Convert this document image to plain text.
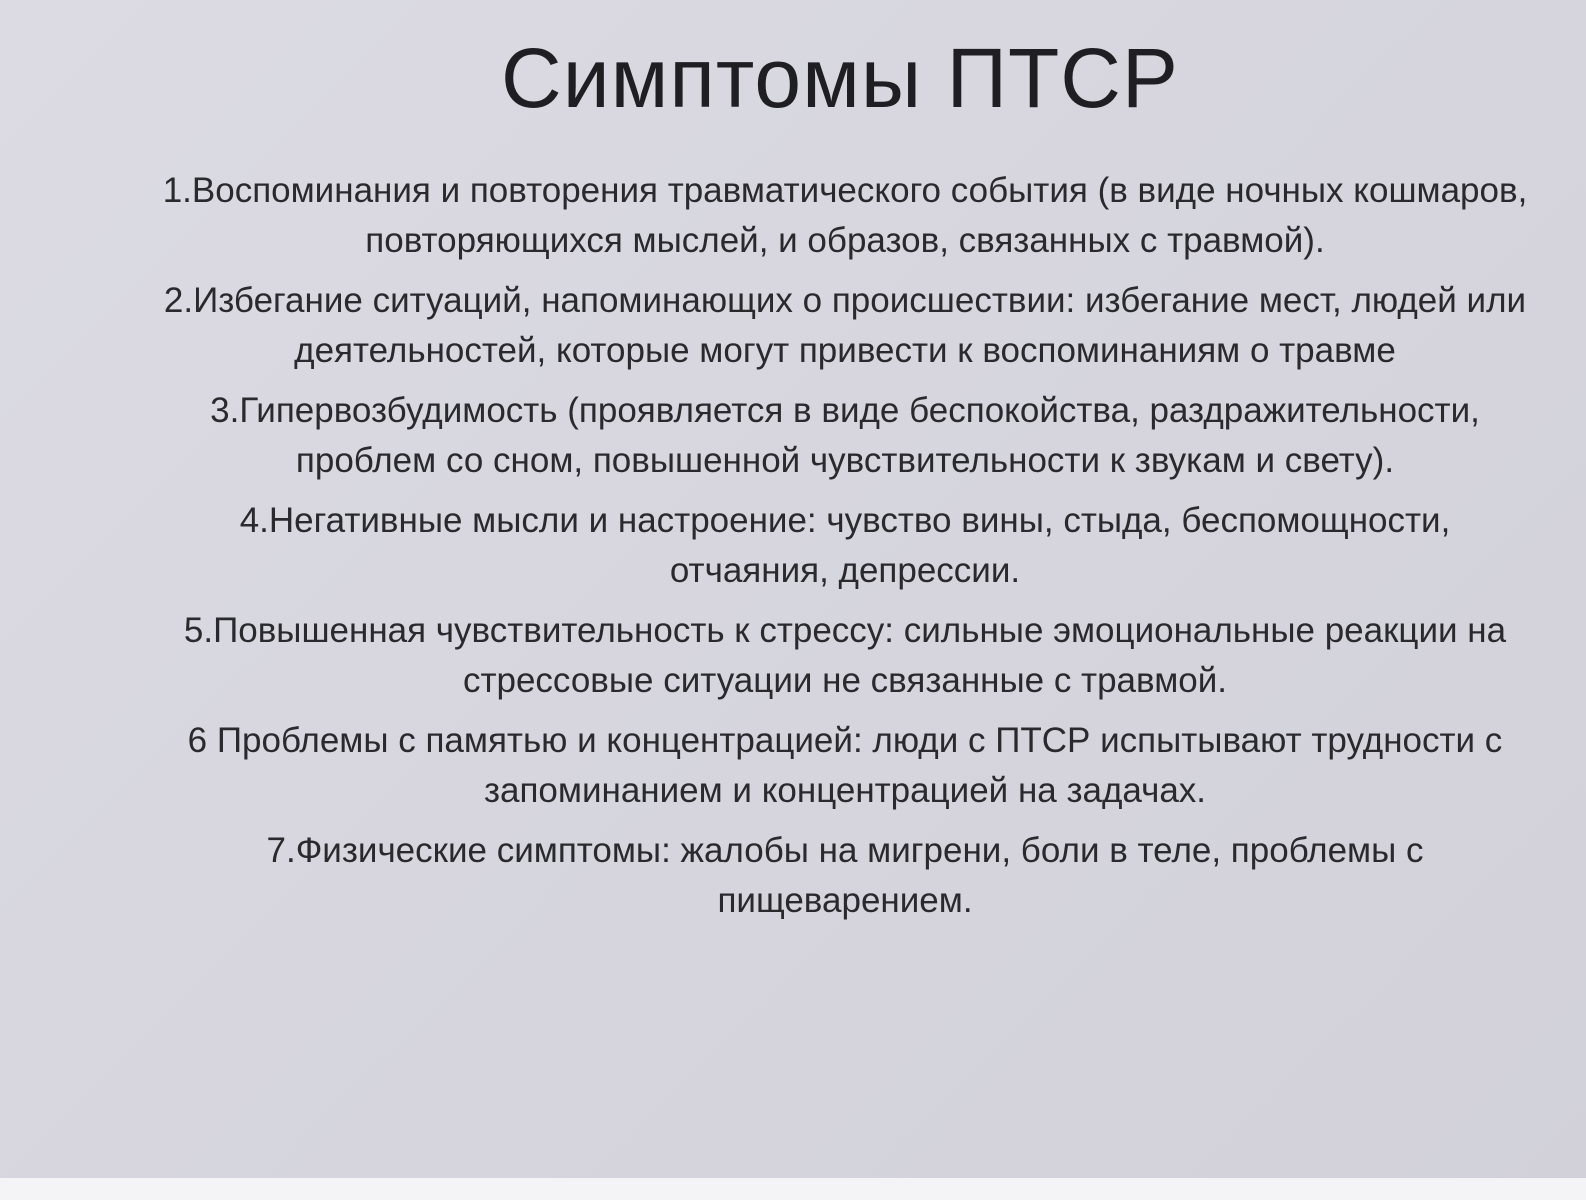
Симптомы ПТСР
1.Воспоминания и повторения травматического события (в виде ночных кошмаров, повторяющихся мыслей, и образов, связанных с травмой).
2.Избегание ситуаций, напоминающих о происшествии: избегание мест, людей или деятельностей, которые могут привести к воспоминаниям о травме
3.Гипервозбудимость (проявляется в виде беспокойства, раздражительности, проблем со сном, повышенной чувствительности к звукам и свету).
4.Негативные мысли и настроение: чувство вины, стыда, беспомощности, отчаяния, депрессии.
5.Повышенная чувствительность к стрессу: сильные эмоциональные реакции на стрессовые ситуации не связанные с травмой.
6 Проблемы с памятью и концентрацией: люди с ПТСР испытывают трудности с запоминанием и концентрацией на задачах.
7.Физические симптомы: жалобы на мигрени, боли в теле, проблемы с пищеварением.
